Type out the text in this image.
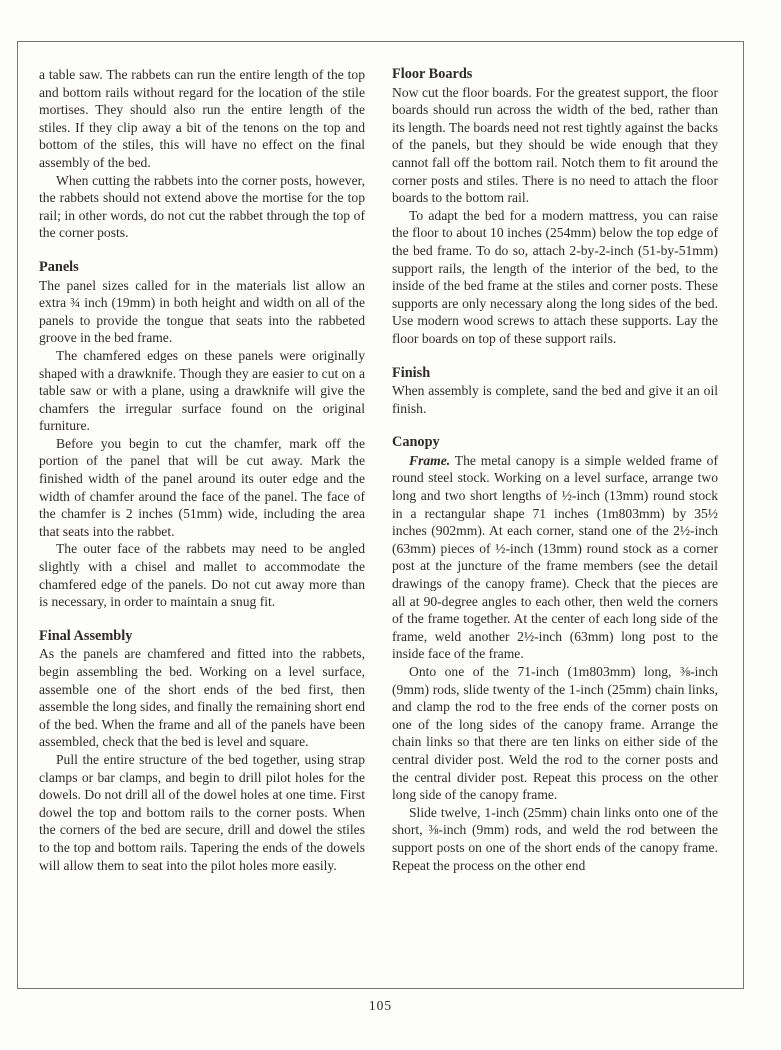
a table saw. The rabbets can run the entire length of the top and bottom rails without regard for the location of the stile mortises. They should also run the entire length of the stiles. If they clip away a bit of the tenons on the top and bottom of the stiles, this will have no effect on the final assembly of the bed.

When cutting the rabbets into the corner posts, however, the rabbets should not extend above the mortise for the top rail; in other words, do not cut the rabbet through the top of the corner posts.

Panels

The panel sizes called for in the materials list allow an extra ¾ inch (19mm) in both height and width on all of the panels to provide the tongue that seats into the rabbeted groove in the bed frame.

The chamfered edges on these panels were originally shaped with a drawknife. Though they are easier to cut on a table saw or with a plane, using a drawknife will give the chamfers the irregular surface found on the original furniture.

Before you begin to cut the chamfer, mark off the portion of the panel that will be cut away. Mark the finished width of the panel around its outer edge and the width of chamfer around the face of the panel. The face of the chamfer is 2 inches (51mm) wide, including the area that seats into the rabbet.

The outer face of the rabbets may need to be angled slightly with a chisel and mallet to accommodate the chamfered edge of the panels. Do not cut away more than is necessary, in order to maintain a snug fit.

Final Assembly

As the panels are chamfered and fitted into the rabbets, begin assembling the bed. Working on a level surface, assemble one of the short ends of the bed first, then assemble the long sides, and finally the remaining short end of the bed. When the frame and all of the panels have been assembled, check that the bed is level and square.

Pull the entire structure of the bed together, using strap clamps or bar clamps, and begin to drill pilot holes for the dowels. Do not drill all of the dowel holes at one time. First dowel the top and bottom rails to the corner posts. When the corners of the bed are secure, drill and dowel the stiles to the top and bottom rails. Tapering the ends of the dowels will allow them to seat into the pilot holes more easily.

Floor Boards

Now cut the floor boards. For the greatest support, the floor boards should run across the width of the bed, rather than its length. The boards need not rest tightly against the backs of the panels, but they should be wide enough that they cannot fall off the bottom rail. Notch them to fit around the corner posts and stiles. There is no need to attach the floor boards to the bottom rail.

To adapt the bed for a modern mattress, you can raise the floor to about 10 inches (254mm) below the top edge of the bed frame. To do so, attach 2-by-2-inch (51-by-51mm) support rails, the length of the interior of the bed, to the inside of the bed frame at the stiles and corner posts. These supports are only necessary along the long sides of the bed. Use modern wood screws to attach these supports. Lay the floor boards on top of these support rails.

Finish

When assembly is complete, sand the bed and give it an oil finish.

Canopy

Frame. The metal canopy is a simple welded frame of round steel stock. Working on a level surface, arrange two long and two short lengths of ½-inch (13mm) round stock in a rectangular shape 71 inches (1m803mm) by 35½ inches (902mm). At each corner, stand one of the 2½-inch (63mm) pieces of ½-inch (13mm) round stock as a corner post at the juncture of the frame members (see the detail drawings of the canopy frame). Check that the pieces are all at 90-degree angles to each other, then weld the corners of the frame together. At the center of each long side of the frame, weld another 2½-inch (63mm) long post to the inside face of the frame.

Onto one of the 71-inch (1m803mm) long, ⅜-inch (9mm) rods, slide twenty of the 1-inch (25mm) chain links, and clamp the rod to the free ends of the corner posts on one of the long sides of the canopy frame. Arrange the chain links so that there are ten links on either side of the central divider post. Weld the rod to the corner posts and the central divider post. Repeat this process on the other long side of the canopy frame.

Slide twelve, 1-inch (25mm) chain links onto one of the short, ⅜-inch (9mm) rods, and weld the rod between the support posts on one of the short ends of the canopy frame. Repeat the process on the other end

105
